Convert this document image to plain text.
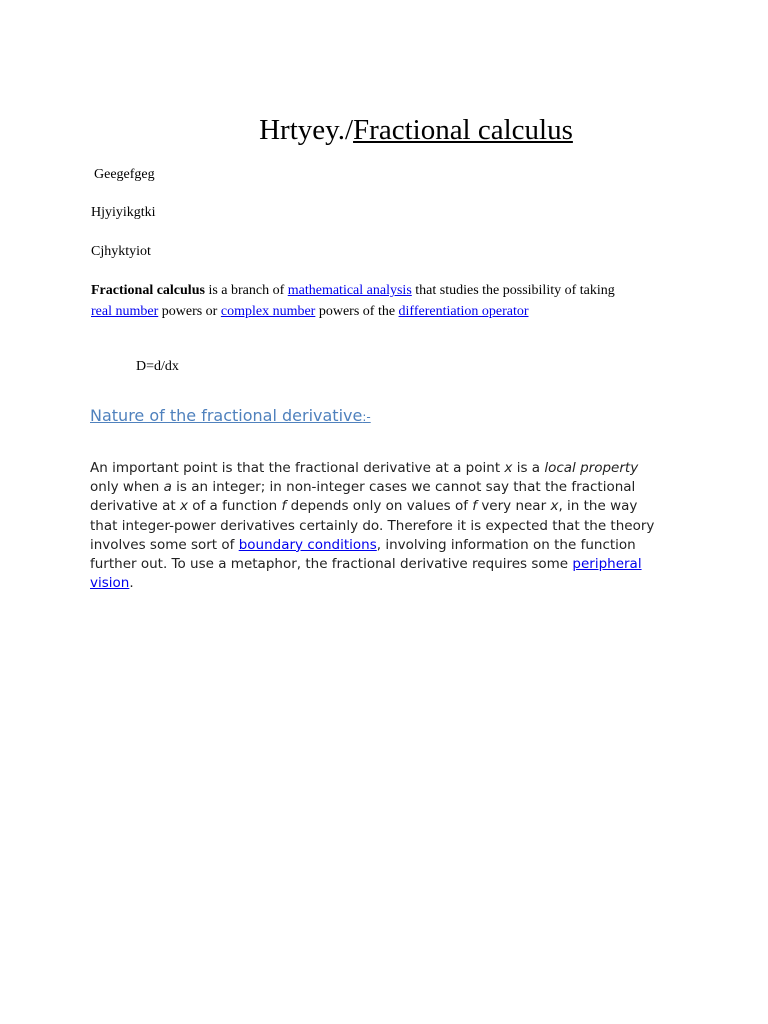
Hrtyey./Fractional calculus
Geegefgeg
Hjyiyikgtki
Cjhyktyiot
Fractional calculus is a branch of mathematical analysis that studies the possibility of taking
real number powers or complex number powers of the differentiation operator
D=d/dx
Nature of the fractional derivative:-
An important point is that the fractional derivative at a point x is a local property
only when a is an integer; in non-integer cases we cannot say that the fractional
derivative at x of a function f depends only on values of f very near x, in the way
that integer-power derivatives certainly do. Therefore it is expected that the theory
involves some sort of boundary conditions, involving information on the function
further out. To use a metaphor, the fractional derivative requires some peripheral
vision.
